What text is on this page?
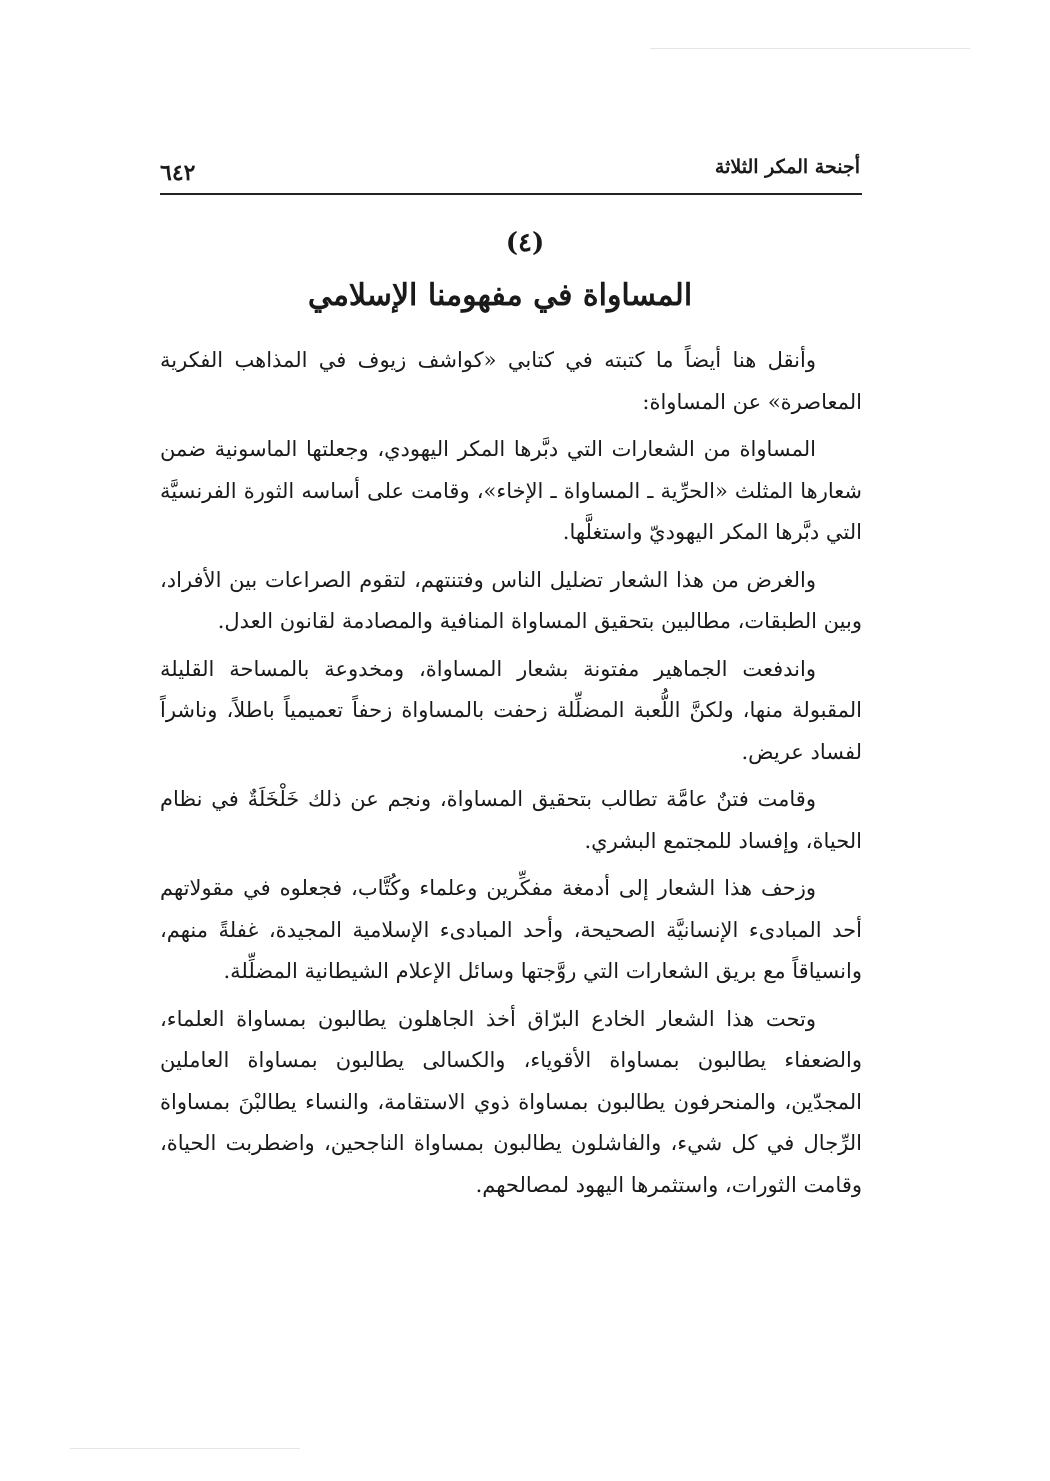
أجنحة المكر الثلاثة
٦٤٢
(٤)
المساواة في مفهومنا الإسلامي

وأنقل هنا أيضاً ما كتبته في كتابي «كواشف زيوف في المذاهب الفكرية المعاصرة» عن المساواة:

المساواة من الشعارات التي دبَّرها المكر اليهودي، وجعلتها الماسونية ضمن شعارها المثلث «الحرِّية ـ المساواة ـ الإخاء»، وقامت على أساسه الثورة الفرنسيَّة التي دبَّرها المكر اليهوديّ واستغلَّها.

والغرض من هذا الشعار تضليل الناس وفتنتهم، لتقوم الصراعات بين الأفراد، وبين الطبقات، مطالبين بتحقيق المساواة المنافية والمصادمة لقانون العدل.

واندفعت الجماهير مفتونة بشعار المساواة، ومخدوعة بالمساحة القليلة المقبولة منها، ولكنَّ اللُّعبة المضلِّلة زحفت بالمساواة زحفاً تعميمياً باطلاً، وناشراً لفساد عريض.

وقامت فتنٌ عامَّة تطالب بتحقيق المساواة، ونجم عن ذلك خَلْخَلَةٌ في نظام الحياة، وإفساد للمجتمع البشري.

وزحف هذا الشعار إلى أدمغة مفكِّرين وعلماء وكُتَّاب، فجعلوه في مقولاتهم أحد المبادىء الإنسانيَّة الصحيحة، وأحد المبادىء الإسلامية المجيدة، غفلةً منهم، وانسياقاً مع بريق الشعارات التي روَّجتها وسائل الإعلام الشيطانية المضلِّلة.

وتحت هذا الشعار الخادع البرّاق أخذ الجاهلون يطالبون بمساواة العلماء، والضعفاء يطالبون بمساواة الأقوياء، والكسالى يطالبون بمساواة العاملين المجدّين، والمنحرفون يطالبون بمساواة ذوي الاستقامة، والنساء يطالبْنَ بمساواة الرِّجال في كل شيء، والفاشلون يطالبون بمساواة الناجحين، واضطربت الحياة، وقامت الثورات، واستثمرها اليهود لمصالحهم.
